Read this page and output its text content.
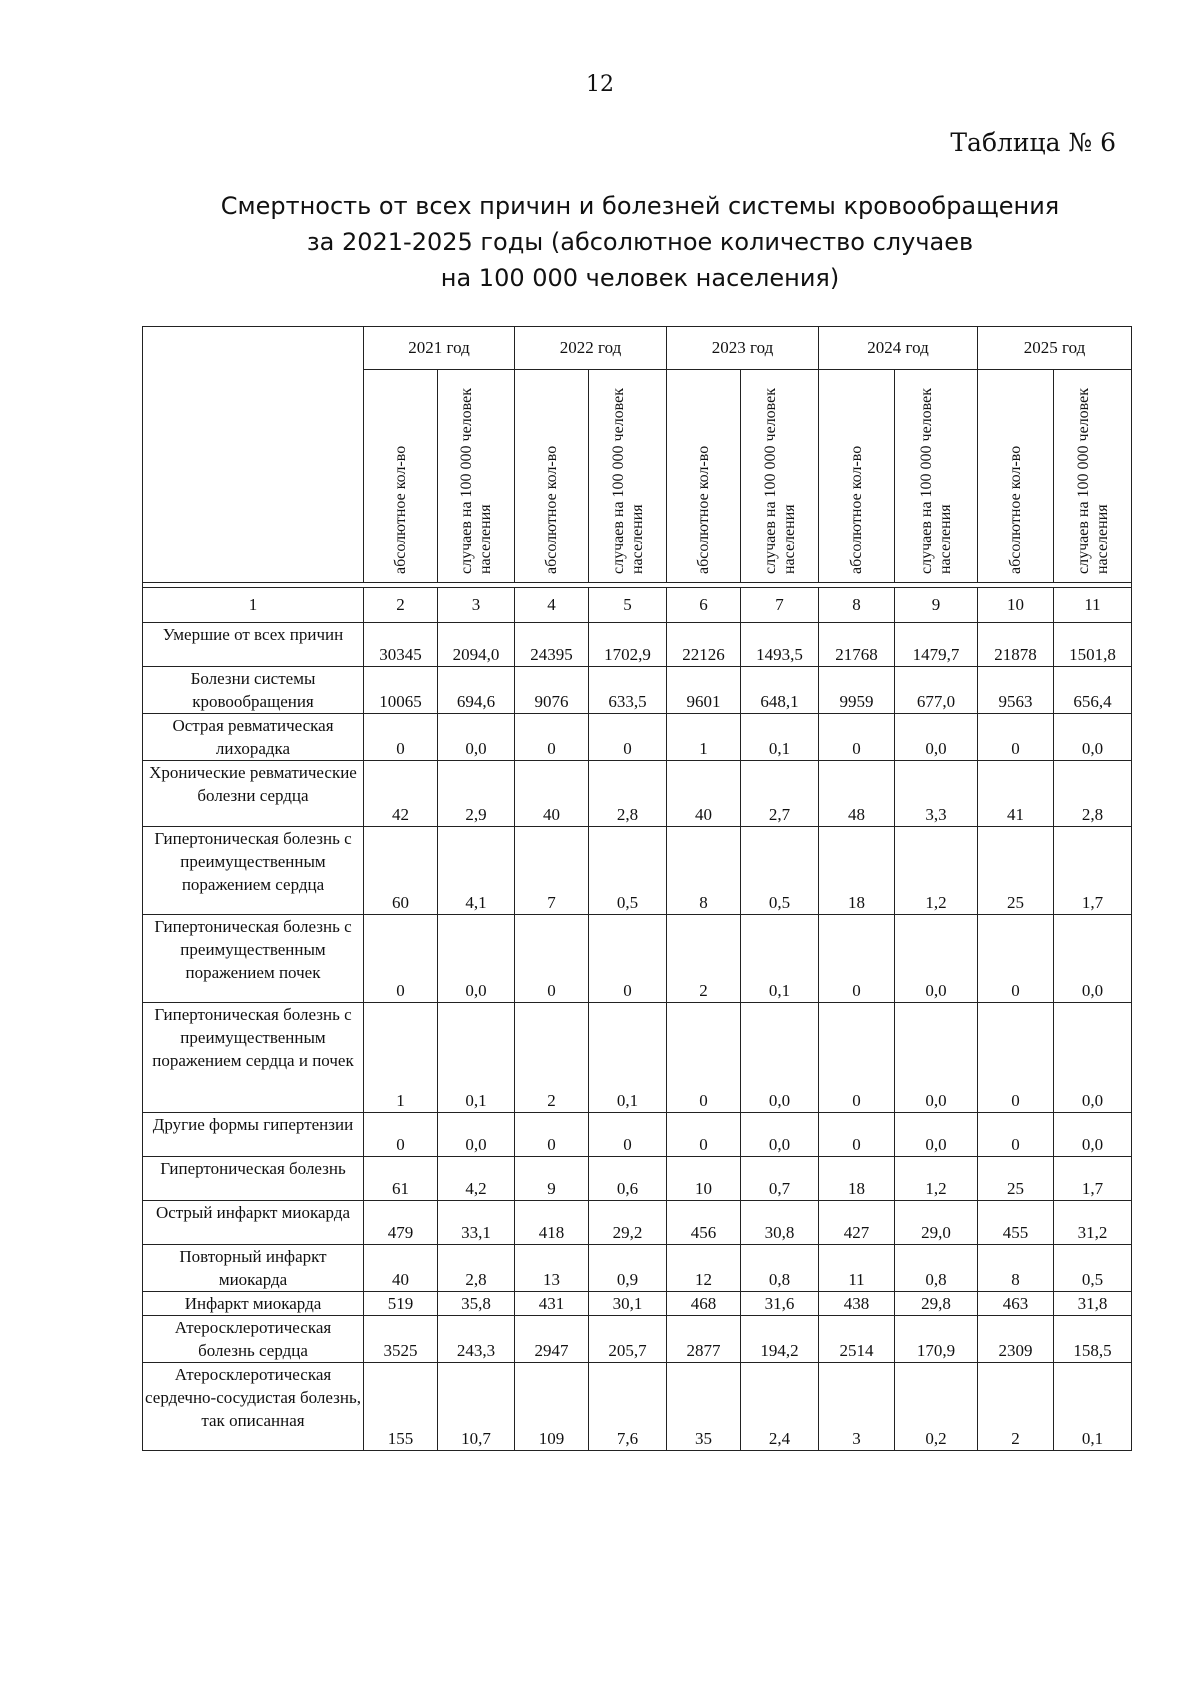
12
Таблица № 6
Смертность от всех причин и болезней системы кровообращения
за 2021-2025 годы (абсолютное количество случаев
на 100 000 человек населения)
	2021 год		2022 год		2023 год		2024 год		2025 год	
	абсолютное кол-во	случаев на 100 000 человек населения	абсолютное кол-во	случаев на 100 000 человек населения	абсолютное кол-во	случаев на 100 000 человек населения	абсолютное кол-во	случаев на 100 000 человек населения	абсолютное кол-во	случаев на 100 000 человек населения

1	2	3	4	5	6	7	8	9	10	11
Умершие от всех причин	30345	2094,0	24395	1702,9	22126	1493,5	21768	1479,7	21878	1501,8
Болезни системы кровообращения	10065	694,6	9076	633,5	9601	648,1	9959	677,0	9563	656,4
Острая ревматическая лихорадка	0	0,0	0	0	1	0,1	0	0,0	0	0,0
Хронические ревматические болезни сердца	42	2,9	40	2,8	40	2,7	48	3,3	41	2,8
Гипертоническая болезнь с преимущественным поражением сердца	60	4,1	7	0,5	8	0,5	18	1,2	25	1,7
Гипертоническая болезнь с преимущественным поражением почек	0	0,0	0	0	2	0,1	0	0,0	0	0,0
Гипертоническая болезнь с преимущественным поражением сердца и почек	1	0,1	2	0,1	0	0,0	0	0,0	0	0,0
Другие формы гипертензии	0	0,0	0	0	0	0,0	0	0,0	0	0,0
Гипертоническая болезнь	61	4,2	9	0,6	10	0,7	18	1,2	25	1,7
Острый инфаркт миокарда	479	33,1	418	29,2	456	30,8	427	29,0	455	31,2
Повторный инфаркт миокарда	40	2,8	13	0,9	12	0,8	11	0,8	8	0,5
Инфаркт миокарда	519	35,8	431	30,1	468	31,6	438	29,8	463	31,8
Атеросклеротическая болезнь сердца	3525	243,3	2947	205,7	2877	194,2	2514	170,9	2309	158,5
Атеросклеротическая сердечно-сосудистая болезнь, так описанная	155	10,7	109	7,6	35	2,4	3	0,2	2	0,1
